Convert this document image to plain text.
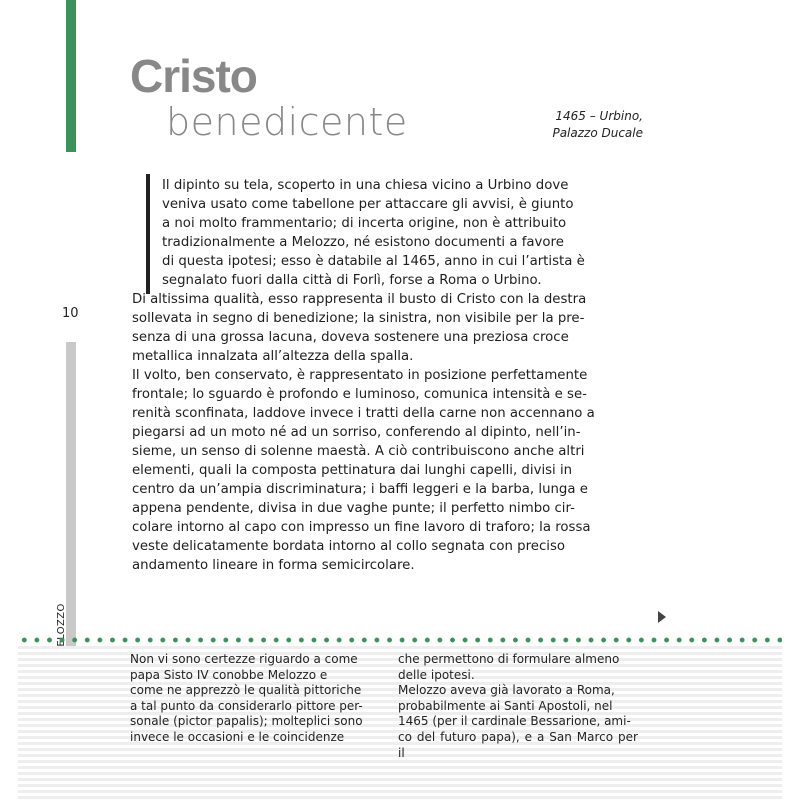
Cristo
benedicente	1465 – Urbino,
Palazzo Ducale

Il dipinto su tela, scoperto in una chiesa vicino a Urbino dove

veniva usato come tabellone per attaccare gli avvisi, è giunto

a noi molto frammentario; di incerta origine, non è attribuito

tradizionalmente a Melozzo, né esistono documenti a favore

di questa ipotesi; esso è databile al 1465, anno in cui l’artista è

segnalato fuori dalla città di Forlì, forse a Roma o Urbino.

Di altissima qualità, esso rappresenta il busto di Cristo con la destra

sollevata in segno di benedizione; la sinistra, non visibile per la pre-

senza di una grossa lacuna, doveva sostenere una preziosa croce

metallica innalzata all’altezza della spalla.

Il volto, ben conservato, è rappresentato in posizione perfettamente

frontale; lo sguardo è profondo e luminoso, comunica intensità e se-

renità sconfinata, laddove invece i tratti della carne non accennano a

piegarsi ad un moto né ad un sorriso, conferendo al dipinto, nell’in-

sieme, un senso di solenne maestà. A ciò contribuiscono anche altri

elementi, quali la composta pettinatura dai lunghi capelli, divisi in

centro da un’ampia discriminatura; i baffi leggeri e la barba, lunga e

appena pendente, divisa in due vaghe punte; il perfetto nimbo cir-

colare intorno al capo con impresso un fine lavoro di traforo; la rossa

veste delicatamente bordata intorno al collo segnata con preciso

andamento lineare in forma semicircolare.

10

Non vi sono certezze riguardo a come

papa Sisto IV conobbe Melozzo e

come ne apprezzò le qualità pittoriche

a tal punto da considerarlo pittore per-

sonale (pictor papalis); molteplici sono

invece le occasioni e le coincidenze

che permettono di formulare almeno

delle ipotesi.

Melozzo aveva già lavorato a Roma,

probabilmente ai Santi Apostoli, nel

1465 (per il cardinale Bessarione, ami-

co del futuro papa), e a San Marco per il
